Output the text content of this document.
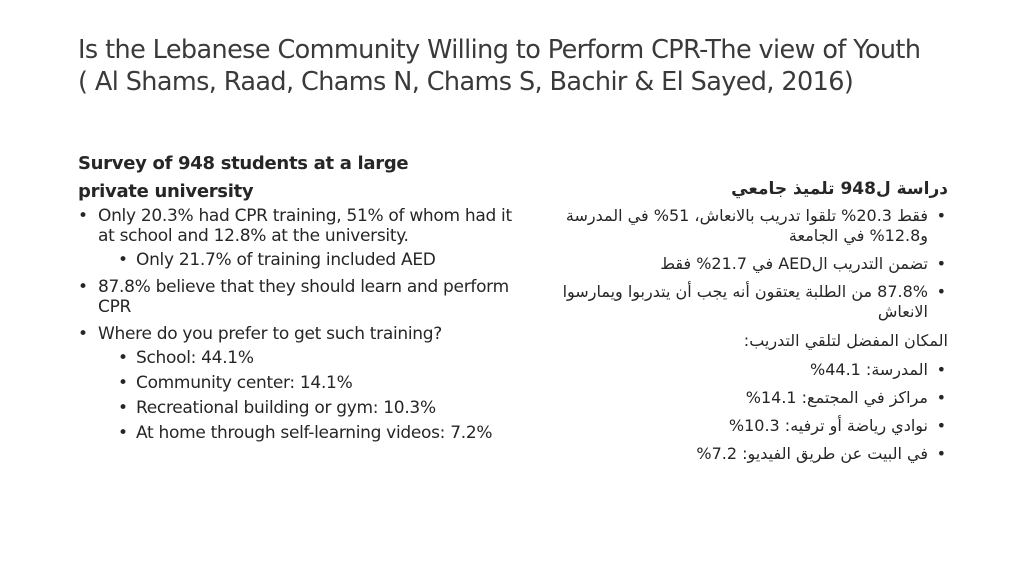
Is the Lebanese Community Willing to Perform CPR-The view of Youth
( Al Shams, Raad, Chams N, Chams S, Bachir & El Sayed, 2016)
Survey of 948 students at a large
private university
• Only 20.3% had CPR training, 51% of whom had it at school and 12.8% at the university.
• Only 21.7% of training included AED
• 87.8% believe that they should learn and perform CPR
• Where do you prefer to get such training?
• School: 44.1%
• Community center: 14.1%
• Recreational building or gym: 10.3%
• At home through self-learning videos: 7.2%
دراسة ل948 تلميذ جامعي
• فقط 20.3% تلقوا تدريب بالانعاش، 51% في المدرسة و12.8% في الجامعة
• تضمن التدريب الAED في 21.7% فقط
• 87.8% من الطلبة يعتقون أنه يجب أن يتدربوا ويمارسوا الانعاش
المكان المفضل لتلقي التدريب:
• المدرسة: 44.1%
• مراكز في المجتمع: 14.1%
• نوادي رياضة أو ترفيه: 10.3%
• في البيت عن طريق الفيديو: 7.2%
